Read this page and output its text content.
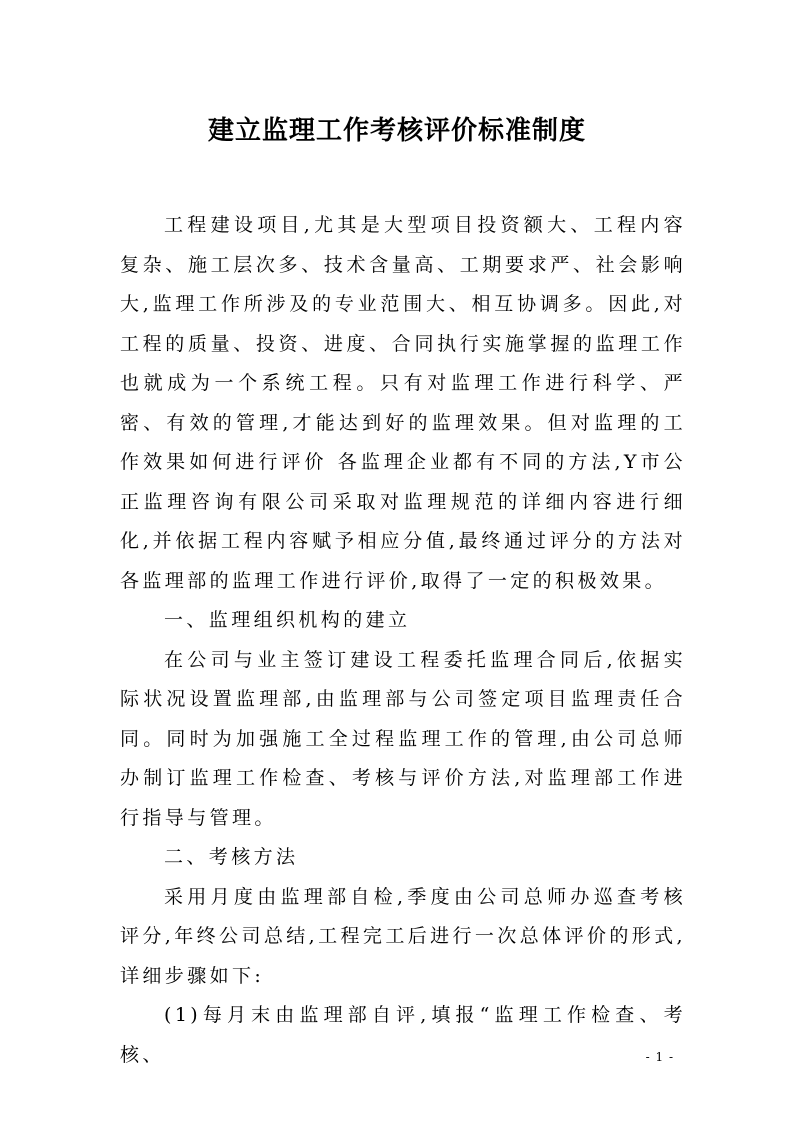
建立监理工作考核评价标准制度

工程建设项目,尤其是大型项目投资额大、工程内容复杂、施工层次多、技术含量高、工期要求严、社会影响大,监理工作所涉及的专业范围大、相互协调多。因此,对工程的质量、投资、进度、合同执行实施掌握的监理工作也就成为一个系统工程。只有对监理工作进行科学、严密、有效的管理,才能达到好的监理效果。但对监理的工作效果如何进行评价 各监理企业都有不同的方法,Y市公正监理咨询有限公司采取对监理规范的详细内容进行细化,并依据工程内容赋予相应分值,最终通过评分的方法对各监理部的监理工作进行评价,取得了一定的积极效果。

一、监理组织机构的建立

在公司与业主签订建设工程委托监理合同后,依据实际状况设置监理部,由监理部与公司签定项目监理责任合同。同时为加强施工全过程监理工作的管理,由公司总师办制订监理工作检查、考核与评价方法,对监理部工作进行指导与管理。

二、考核方法

采用月度由监理部自检,季度由公司总师办巡查考核评分,年终公司总结,工程完工后进行一次总体评价的形式,详细步骤如下:

(1)每月末由监理部自评,填报“监理工作检查、考核、	- 1 -
